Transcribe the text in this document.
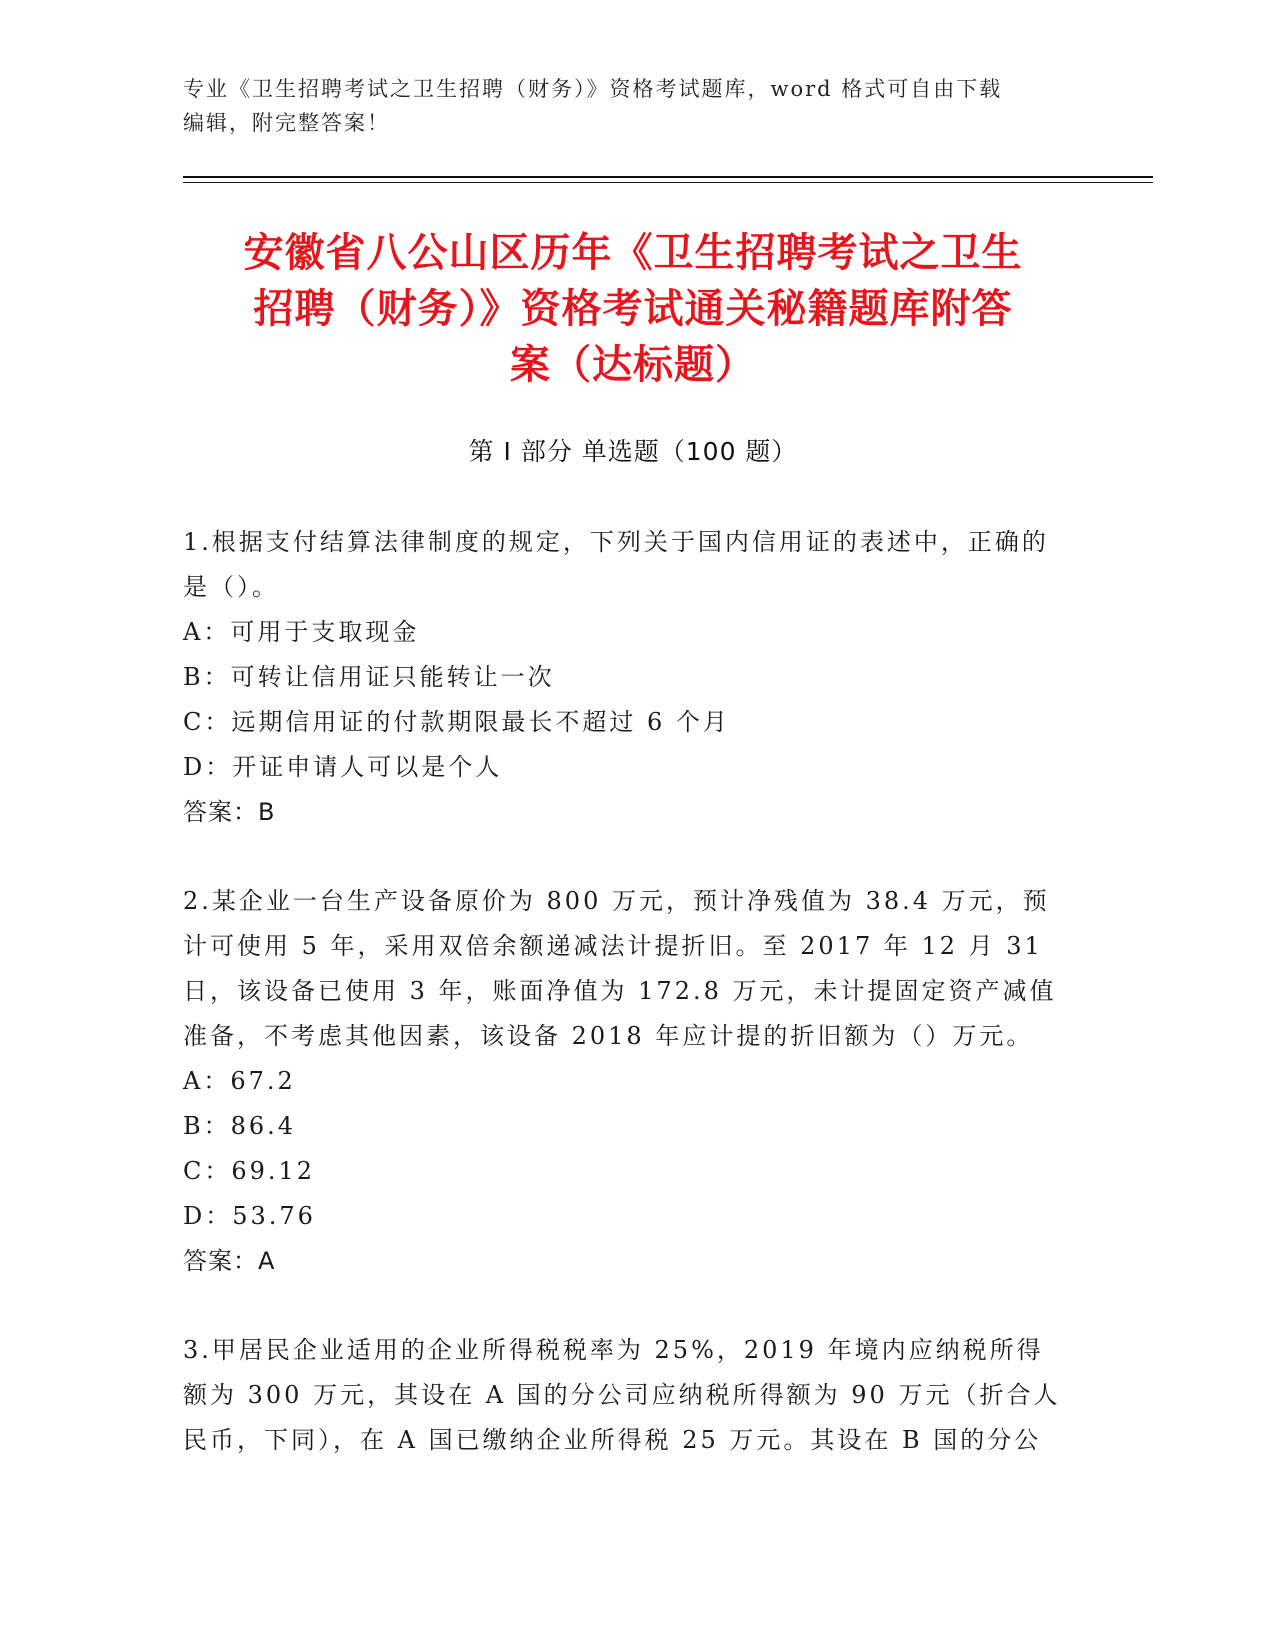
专业《卫生招聘考试之卫生招聘（财务）》资格考试题库，word 格式可自由下载
编辑，附完整答案！
安徽省八公山区历年《卫生招聘考试之卫生
招聘（财务）》资格考试通关秘籍题库附答
案（达标题）
第 I 部分 单选题（100 题）

1.根据支付结算法律制度的规定，下列关于国内信用证的表述中，正确的是（）。

A：可用于支取现金

B：可转让信用证只能转让一次

C：远期信用证的付款期限最长不超过 6 个月

D：开证申请人可以是个人

答案：B

2.某企业一台生产设备原价为 800 万元，预计净残值为 38.4 万元，预计可使用 5 年，采用双倍余额递减法计提折旧。至 2017 年 12 月 31 日，该设备已使用 3 年，账面净值为 172.8 万元，未计提固定资产减值准备，不考虑其他因素，该设备 2018 年应计提的折旧额为（）万元。

A：67.2

B：86.4

C：69.12

D：53.76

答案：A

3.甲居民企业适用的企业所得税税率为 25%，2019 年境内应纳税所得额为 300 万元，其设在 A 国的分公司应纳税所得额为 90 万元（折合人民币，下同），在 A 国已缴纳企业所得税 25 万元。其设在 B 国的分公
